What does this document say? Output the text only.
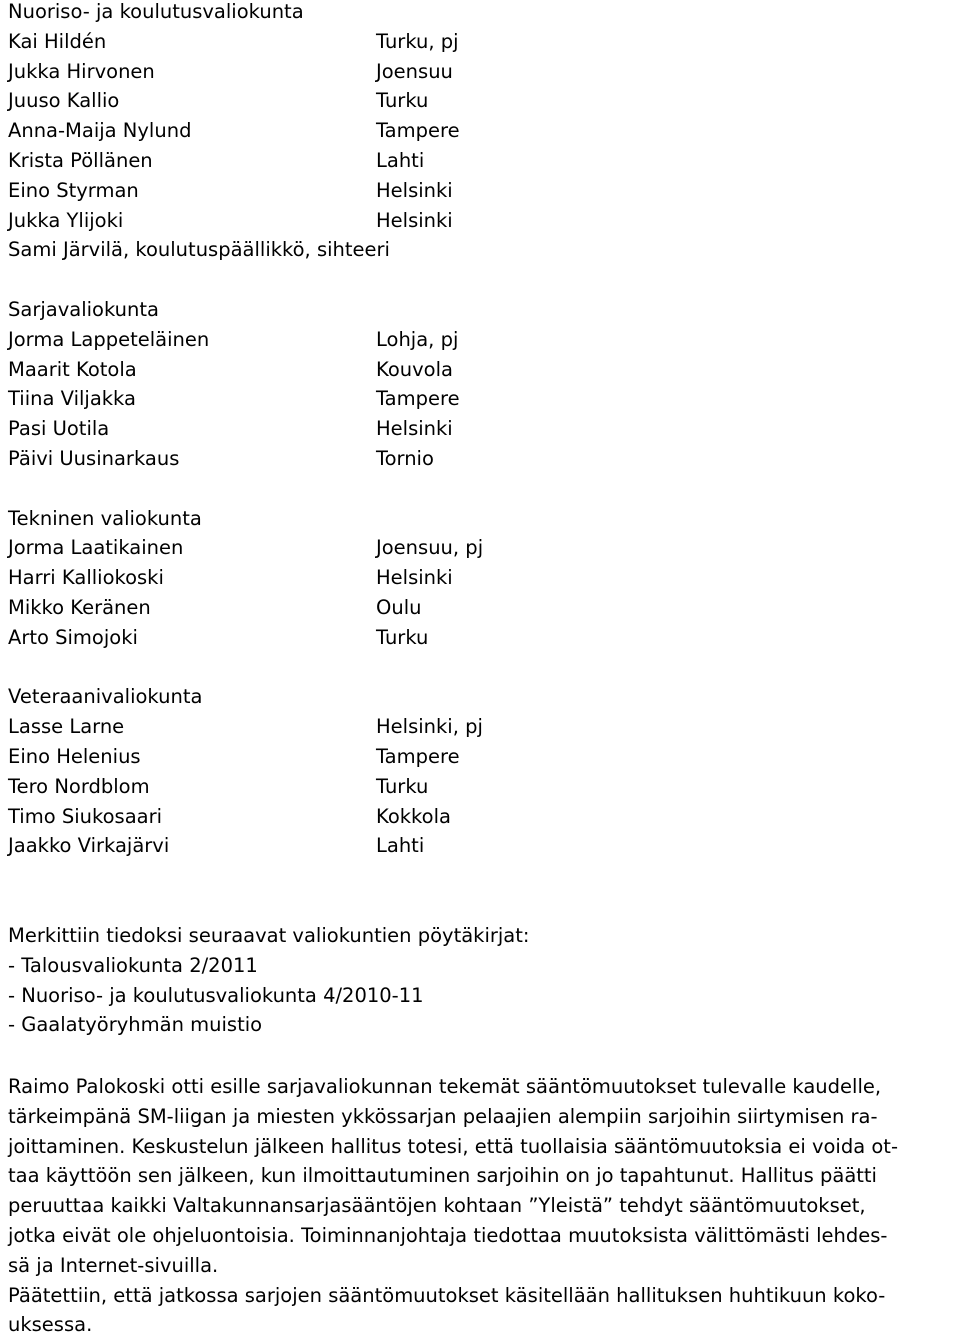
Nuoriso- ja koulutusvaliokunta
Kai Hildén	Turku, pj
Jukka Hirvonen	Joensuu
Juuso Kallio	Turku
Anna-Maija Nylund	Tampere
Krista Pöllänen	Lahti
Eino Styrman	Helsinki
Jukka Ylijoki	Helsinki
Sami Järvilä, koulutuspäällikkö, sihteeri
Sarjavaliokunta
Jorma Lappeteläinen	Lohja, pj
Maarit Kotola	Kouvola
Tiina Viljakka	Tampere
Pasi Uotila	Helsinki
Päivi Uusinarkaus	Tornio
Tekninen valiokunta
Jorma Laatikainen	Joensuu, pj
Harri Kalliokoski	Helsinki
Mikko Keränen	Oulu
Arto Simojoki	Turku
Veteraanivaliokunta
Lasse Larne	Helsinki, pj
Eino Helenius	Tampere
Tero Nordblom	Turku
Timo Siukosaari	Kokkola
Jaakko Virkajärvi	Lahti
Merkittiin tiedoksi seuraavat valiokuntien pöytäkirjat:
- Talousvaliokunta 2/2011
- Nuoriso- ja koulutusvaliokunta 4/2010-11
- Gaalatyöryhmän muistio
Raimo Palokoski otti esille sarjavaliokunnan tekemät sääntömuutokset tulevalle kaudelle,
tärkeimpänä SM-liigan ja miesten ykkössarjan pelaajien alempiin sarjoihin siirtymisen ra-
joittaminen. Keskustelun jälkeen hallitus totesi, että tuollaisia sääntömuutoksia ei voida ot-
taa käyttöön sen jälkeen, kun ilmoittautuminen sarjoihin on jo tapahtunut. Hallitus päätti
peruuttaa kaikki Valtakunnansarjasääntöjen kohtaan ”Yleistä” tehdyt sääntömuutokset,
jotka eivät ole ohjeluontoisia. Toiminnanjohtaja tiedottaa muutoksista välittömästi lehdes-
sä ja Internet-sivuilla.
Päätettiin, että jatkossa sarjojen sääntömuutokset käsitellään hallituksen huhtikuun koko-
uksessa.
